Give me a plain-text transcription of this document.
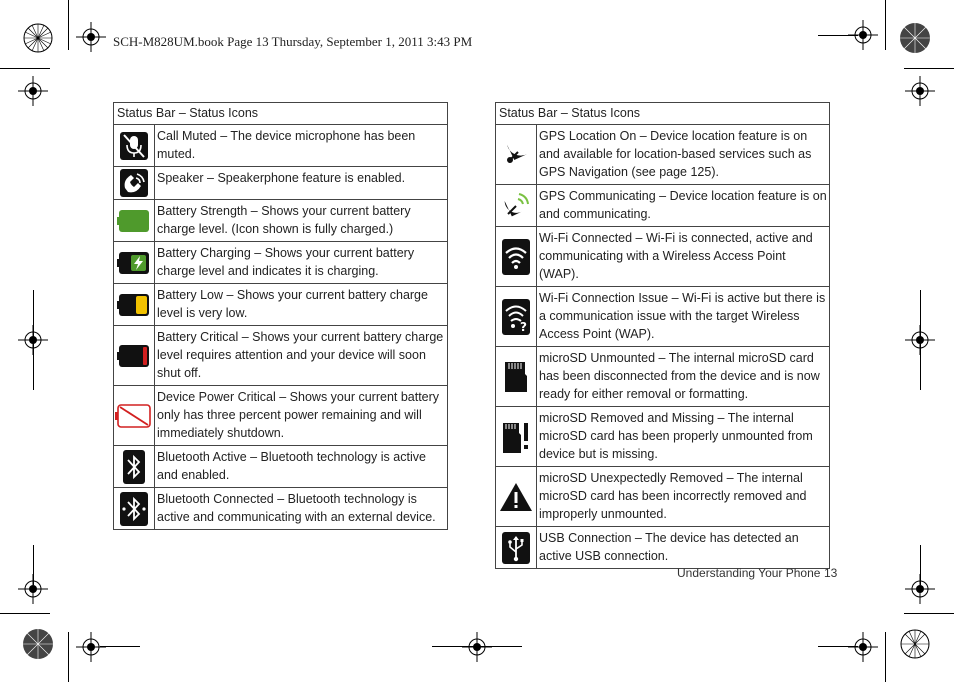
SCH-M828UM.book Page 13 Thursday, September 1, 2011 3:43 PM
Status Bar – Status Icons	

	Call Muted – The device microphone has been muted.

	Speaker – Speakerphone feature is enabled.

	Battery Strength – Shows your current battery charge level. (Icon shown is fully charged.)

	Battery Charging – Shows your current battery charge level and indicates it is charging.

	Battery Low – Shows your current battery charge level is very low.

	Battery Critical – Shows your current battery charge level requires attention and your device will soon shut off.

	Device Power Critical – Shows your current battery only has three percent power remaining and will immediately shutdown.

	Bluetooth Active – Bluetooth technology is active and enabled.

	Bluetooth Connected – Bluetooth technology is active and communicating with an external device.
Status Bar – Status Icons	

	GPS Location On – Device location feature is on and available for location-based services such as GPS Navigation (see page 125).

	GPS Communicating – Device location feature is on and communicating.

	Wi-Fi Connected – Wi-Fi is connected, active and communicating with a Wireless Access Point (WAP).

?	Wi-Fi Connection Issue – Wi-Fi is active but there is a communication issue with the target Wireless Access Point (WAP).

	microSD Unmounted – The internal microSD card has been disconnected from the device and is now ready for either removal or formatting.

	microSD Removed and Missing – The internal microSD card has been properly unmounted from device but is missing.

	microSD Unexpectedly Removed – The internal microSD card has been incorrectly removed and improperly unmounted.

	USB Connection – The device has detected an active USB connection.
Understanding Your Phone 13
